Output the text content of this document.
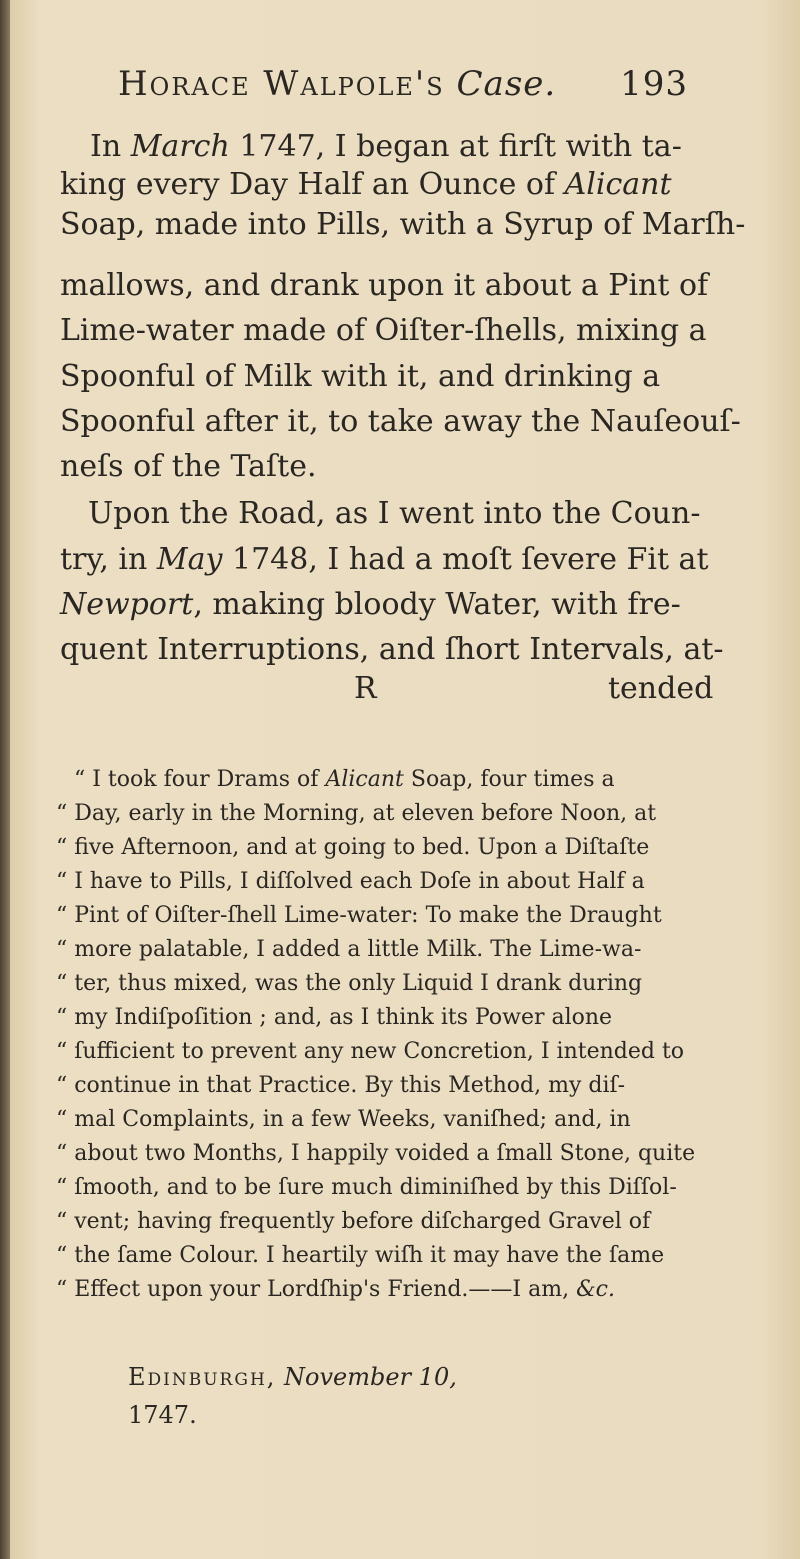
Horace Walpole's Case. 193
In March 1747, I began at firſt with ta-
king every Day Half an Ounce of Alicant
Soap, made into Pills, with a Syrup of Marſh-
mallows, and drank upon it about a Pint of
Lime-water made of Oiſter-ſhells, mixing a
Spoonful of Milk with it, and drinking a
Spoonful after it, to take away the Nauſeouſ-
neſs of the Taſte.
Upon the Road, as I went into the Coun-
try, in May 1748, I had a moſt ſevere Fit at
Newport, making bloody Water, with fre-
quent Interruptions, and ſhort Intervals, at-
R	tended
“ I took four Drams of Alicant Soap, four times a
“ Day, early in the Morning, at eleven before Noon, at
“ five Afternoon, and at going to bed. Upon a Diſtaſte
“ I have to Pills, I diſſolved each Doſe in about Half a
“ Pint of Oiſter-ſhell Lime-water: To make the Draught
“ more palatable, I added a little Milk. The Lime-wa-
“ ter, thus mixed, was the only Liquid I drank during
“ my Indiſpoſition ; and, as I think its Power alone
“ ſufficient to prevent any new Concretion, I intended to
“ continue in that Practice. By this Method, my diſ-
“ mal Complaints, in a few Weeks, vaniſhed; and, in
“ about two Months, I happily voided a ſmall Stone, quite
“ ſmooth, and to be ſure much diminiſhed by this Diſſol-
“ vent; having frequently before diſcharged Gravel of
“ the ſame Colour. I heartily wiſh it may have the ſame
“ Effect upon your Lordſhip's Friend.——I am, &c.
Edinburgh, November 10,
1747.
